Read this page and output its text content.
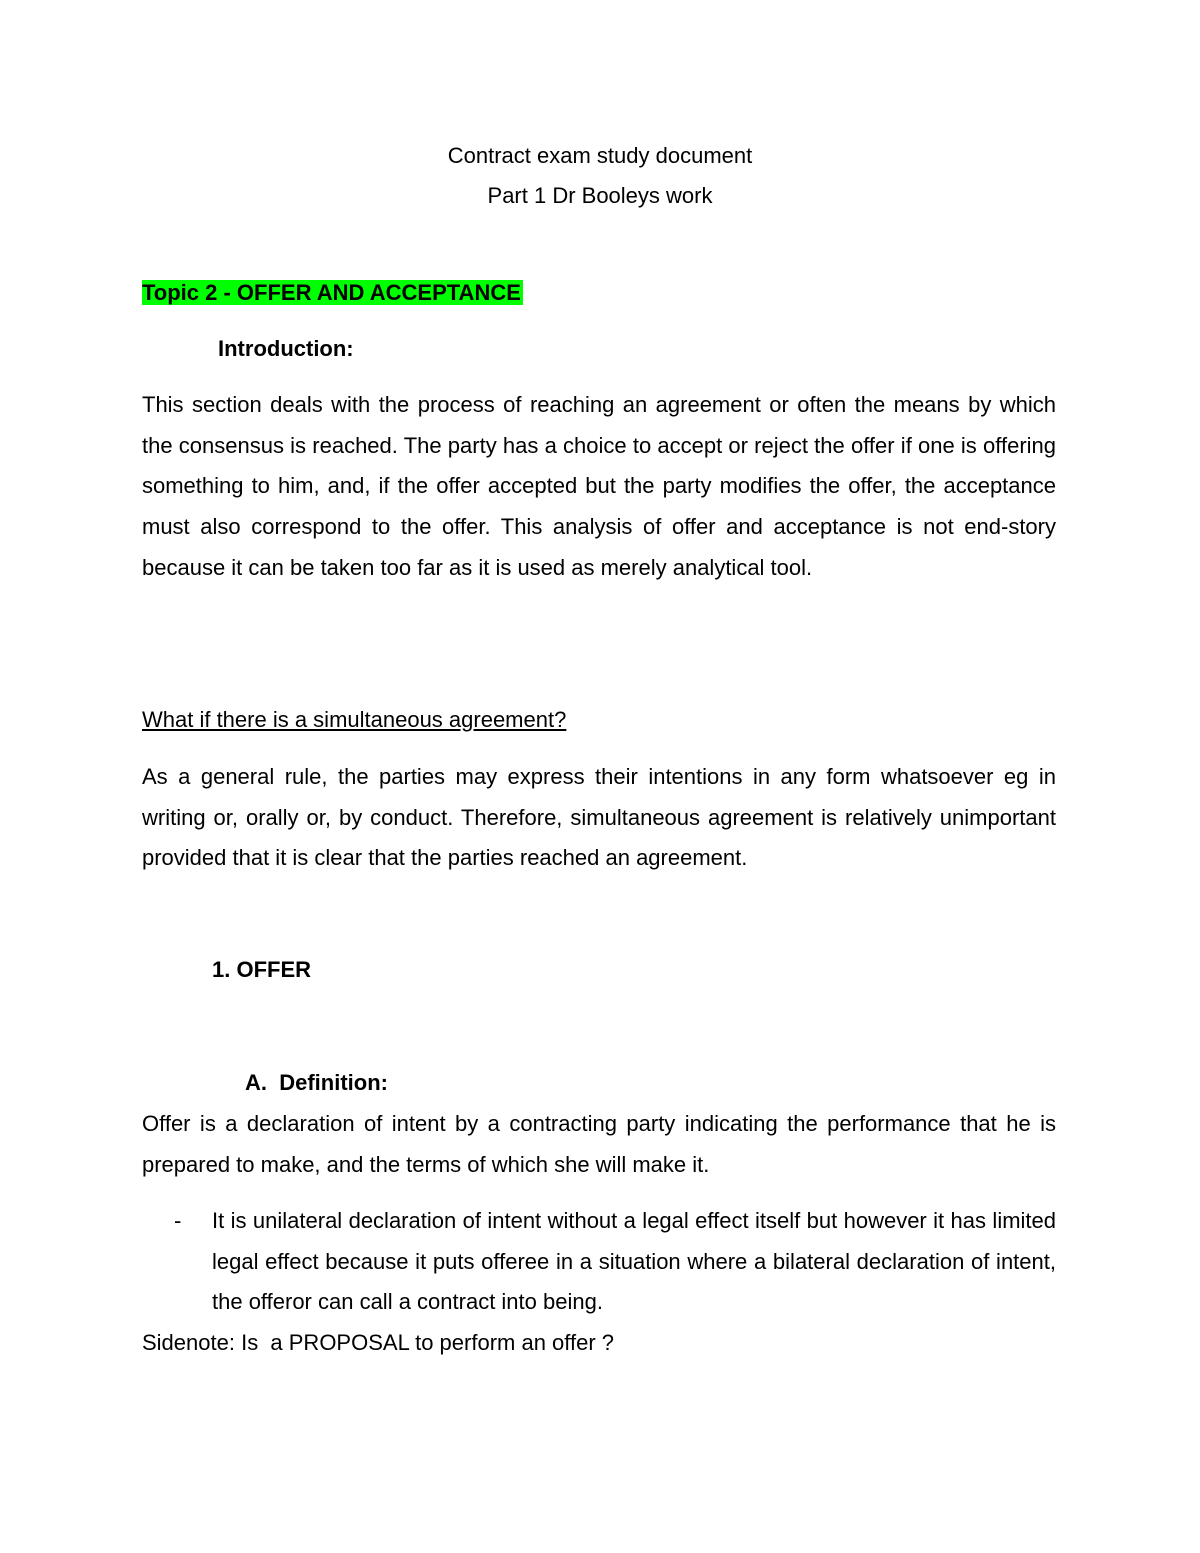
Contract exam study document
Part 1 Dr Booleys work
Topic 2 - OFFER AND ACCEPTANCE
Introduction:

This section deals with the process of reaching an agreement or often the means by which the consensus is reached. The party has a choice to accept or reject the offer if one is offering something to him, and, if the offer accepted but the party modifies the offer, the acceptance must also correspond to the offer. This analysis of offer and acceptance is not end-story because it can be taken too far as it is used as merely analytical tool.

What if there is a simultaneous agreement?

As a general rule, the parties may express their intentions in any form whatsoever eg in writing or, orally or, by conduct. Therefore, simultaneous agreement is relatively unimportant provided that it is clear that the parties reached an agreement.

1. OFFER
A.  Definition:

Offer is a declaration of intent by a contracting party indicating the performance that he is prepared to make, and the terms of which she will make it.

- It is unilateral declaration of intent without a legal effect itself but however it has limited legal effect because it puts offeree in a situation where a bilateral declaration of intent, the offeror can call a contract into being.

Sidenote: Is  a PROPOSAL to perform an offer ?
